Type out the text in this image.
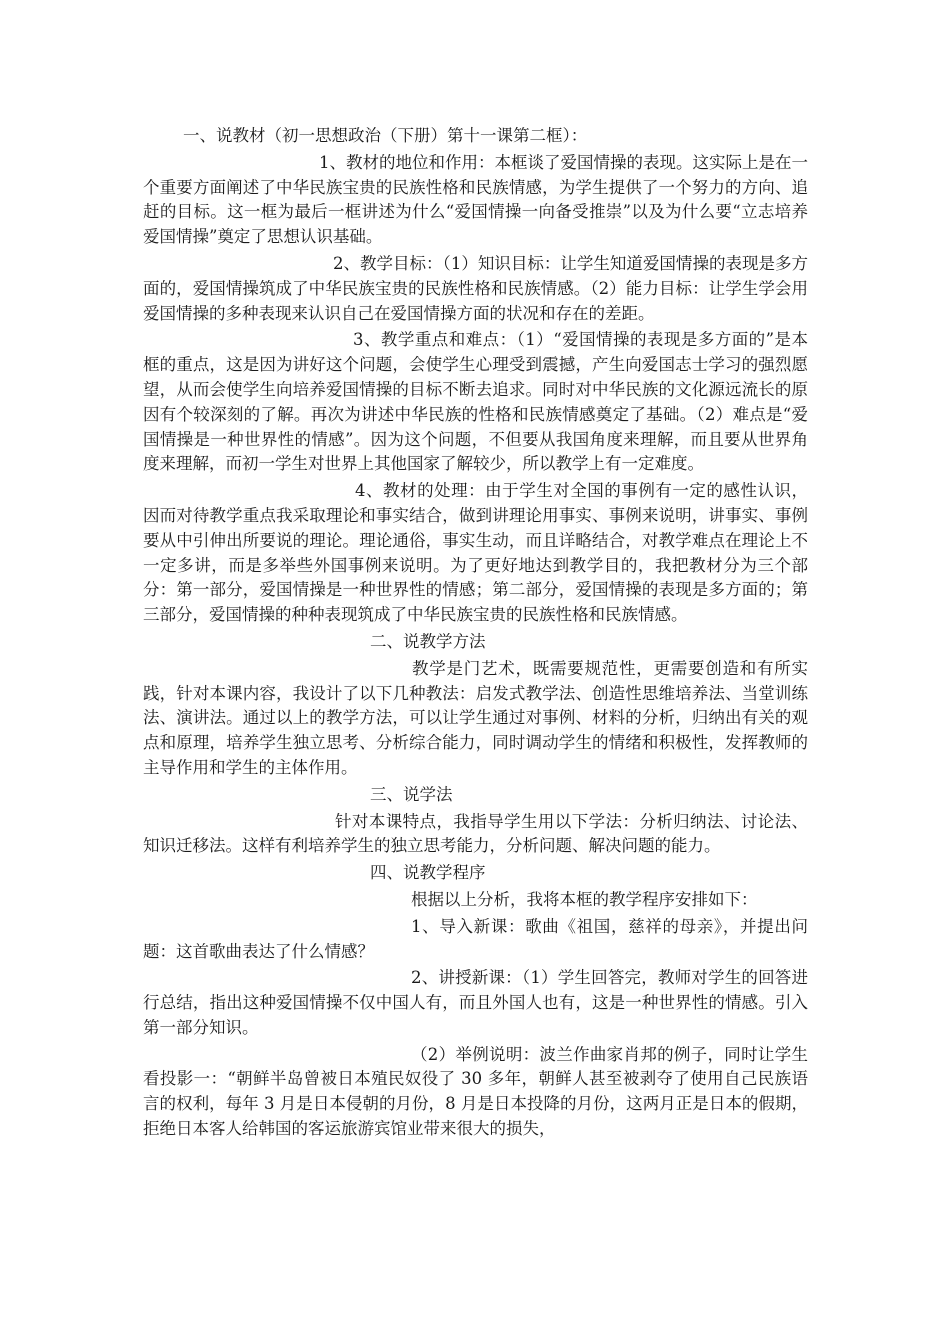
一、说教材（初一思想政治（下册）第十一课第二框）：

1、教材的地位和作用：本框谈了爱国情操的表现。这实际上是在一个重要方面阐述了中华民族宝贵的民族性格和民族情感，为学生提供了一个努力的方向、追赶的目标。这一框为最后一框讲述为什么“爱国情操一向备受推崇”以及为什么要“立志培养爱国情操”奠定了思想认识基础。

2、教学目标：（1）知识目标：让学生知道爱国情操的表现是多方面的，爱国情操筑成了中华民族宝贵的民族性格和民族情感。（2）能力目标：让学生学会用爱国情操的多种表现来认识自己在爱国情操方面的状况和存在的差距。

3、教学重点和难点：（1）“爱国情操的表现是多方面的”是本框的重点，这是因为讲好这个问题，会使学生心理受到震撼，产生向爱国志士学习的强烈愿望，从而会使学生向培养爱国情操的目标不断去追求。同时对中华民族的文化源远流长的原因有个较深刻的了解。再次为讲述中华民族的性格和民族情感奠定了基础。（2）难点是“爱国情操是一种世界性的情感”。因为这个问题，不但要从我国角度来理解，而且要从世界角度来理解，而初一学生对世界上其他国家了解较少，所以教学上有一定难度。

4、教材的处理：由于学生对全国的事例有一定的感性认识，因而对待教学重点我采取理论和事实结合，做到讲理论用事实、事例来说明，讲事实、事例要从中引伸出所要说的理论。理论通俗，事实生动，而且详略结合，对教学难点在理论上不一定多讲，而是多举些外国事例来说明。为了更好地达到教学目的，我把教材分为三个部分：第一部分，爱国情操是一种世界性的情感；第二部分，爱国情操的表现是多方面的；第三部分，爱国情操的种种表现筑成了中华民族宝贵的民族性格和民族情感。

二、说教学方法

教学是门艺术，既需要规范性，更需要创造和有所实践，针对本课内容，我设计了以下几种教法：启发式教学法、创造性思维培养法、当堂训练法、演讲法。通过以上的教学方法，可以让学生通过对事例、材料的分析，归纳出有关的观点和原理，培养学生独立思考、分析综合能力，同时调动学生的情绪和积极性，发挥教师的主导作用和学生的主体作用。

三、说学法

针对本课特点，我指导学生用以下学法：分析归纳法、讨论法、知识迁移法。这样有利培养学生的独立思考能力，分析问题、解决问题的能力。

四、说教学程序

根据以上分析，我将本框的教学程序安排如下：

1、导入新课：歌曲《祖国，慈祥的母亲》，并提出问题：这首歌曲表达了什么情感？

2、讲授新课：（1）学生回答完，教师对学生的回答进行总结，指出这种爱国情操不仅中国人有，而且外国人也有，这是一种世界性的情感。引入第一部分知识。

（2）举例说明：波兰作曲家肖邦的例子，同时让学生看投影一：“朝鲜半岛曾被日本殖民奴役了 30 多年，朝鲜人甚至被剥夺了使用自己民族语言的权利，每年 3 月是日本侵朝的月份，8 月是日本投降的月份，这两月正是日本的假期，拒绝日本客人给韩国的客运旅游宾馆业带来很大的损失，
